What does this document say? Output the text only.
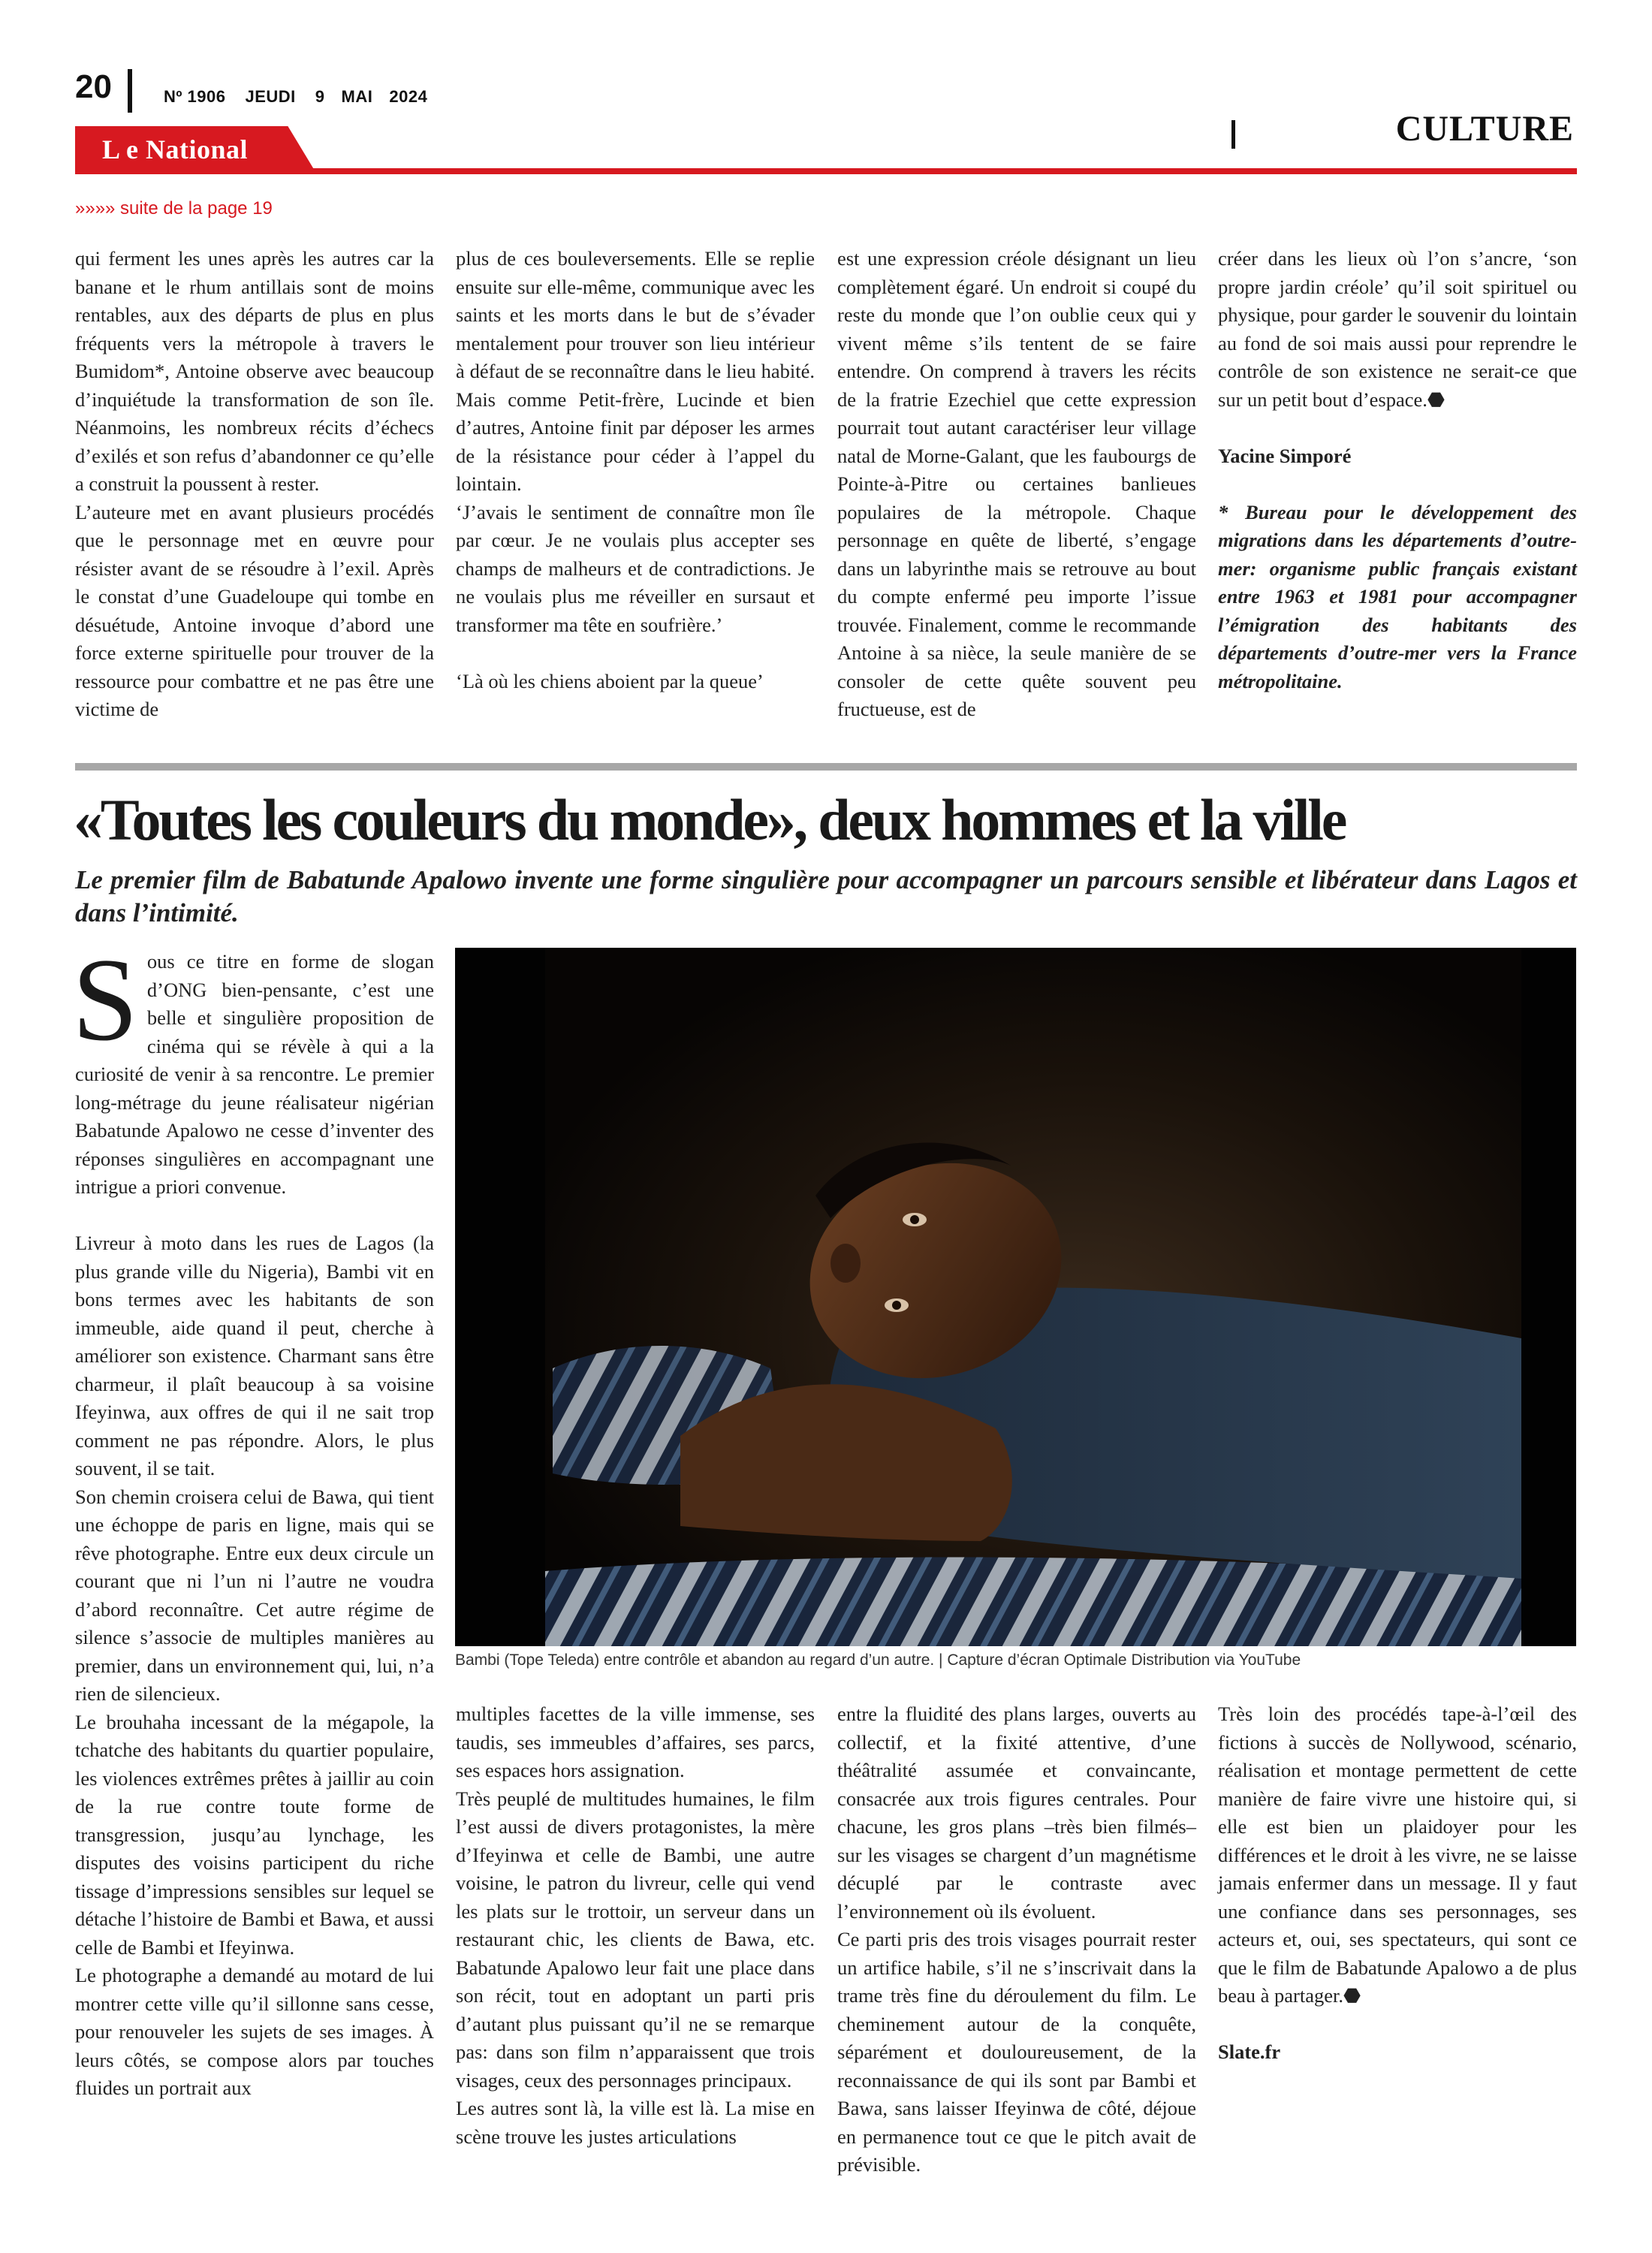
20	Nº 1906 JEUDI 9 MAI 2024
CULTURE
L e National
»»»» suite de la page 19

qui ferment les unes après les autres car la banane et le rhum antillais sont de moins rentables, aux des départs de plus en plus fréquents vers la métropole à travers le Bumidom*, Antoine observe avec beaucoup d’inquiétude la transformation de son île. Néanmoins, les nombreux récits d’échecs d’exilés et son refus d’abandonner ce qu’elle a construit la poussent à rester.

L’auteure met en avant plusieurs procédés que le personnage met en œuvre pour résister avant de se résoudre à l’exil. Après le constat d’une Guadeloupe qui tombe en désuétude, Antoine invoque d’abord une force externe spirituelle pour trouver de la ressource pour combattre et ne pas être une victime de

plus de ces bouleversements. Elle se replie ensuite sur elle-même, communique avec les saints et les morts dans le but de s’évader mentalement pour trouver son lieu intérieur à défaut de se reconnaître dans le lieu habité. Mais comme Petit-frère, Lucinde et bien d’autres, Antoine finit par déposer les armes de la résistance pour céder à l’appel du lointain.

‘J’avais le sentiment de connaître mon île par cœur. Je ne voulais plus accepter ses champs de malheurs et de contradictions. Je ne voulais plus me réveiller en sursaut et transformer ma tête en soufrière.’

‘Là où les chiens aboient par la queue’

est une expression créole désignant un lieu complètement égaré. Un endroit si coupé du reste du monde que l’on oublie ceux qui y vivent même s’ils tentent de se faire entendre. On comprend à travers les récits de la fratrie Ezechiel que cette expression pourrait tout autant caractériser leur village natal de Morne-Galant, que les faubourgs de Pointe-à-Pitre ou certaines banlieues populaires de la métropole. Chaque personnage en quête de liberté, s’engage dans un labyrinthe mais se retrouve au bout du compte enfermé peu importe l’issue trouvée. Finalement, comme le recommande Antoine à sa nièce, la seule manière de se consoler de cette quête souvent peu fructueuse, est de

créer dans les lieux où l’on s’ancre, ‘son propre jardin créole’ qu’il soit spirituel ou physique, pour garder le souvenir du lointain au fond de soi mais aussi pour reprendre le contrôle de son existence ne serait-ce que sur un petit bout d’espace.⬣

Yacine Simporé

* Bureau pour le développement des migrations dans les départements d’outre-mer: organisme public français existant entre 1963 et 1981 pour accompagner l’émigration des habitants des départements d’outre-mer vers la France métropolitaine.

«Toutes les couleurs du monde», deux hommes et la ville
Le premier film de Babatunde Apalowo invente une forme singulière pour accompagner un parcours sensible et libérateur dans Lagos et dans l’intimité.
Bambi (Tope Teleda) entre contrôle et abandon au regard d’un autre. | Capture d’écran Optimale Distribution via YouTube

Sous ce titre en forme de slogan d’ONG bien-pensante, c’est une belle et singulière proposition de cinéma qui se révèle à qui a la curiosité de venir à sa rencontre. Le premier long-métrage du jeune réalisateur nigérian Babatunde Apalowo ne cesse d’inventer des réponses singulières en accompagnant une intrigue a priori convenue.

Livreur à moto dans les rues de Lagos (la plus grande ville du Nigeria), Bambi vit en bons termes avec les habitants de son immeuble, aide quand il peut, cherche à améliorer son existence. Charmant sans être charmeur, il plaît beaucoup à sa voisine Ifeyinwa, aux offres de qui il ne sait trop comment ne pas répondre. Alors, le plus souvent, il se tait.

Son chemin croisera celui de Bawa, qui tient une échoppe de paris en ligne, mais qui se rêve photographe. Entre eux deux circule un courant que ni l’un ni l’autre ne voudra d’abord reconnaître. Cet autre régime de silence s’associe de multiples manières au premier, dans un environnement qui, lui, n’a rien de silencieux.

Le brouhaha incessant de la mégapole, la tchatche des habitants du quartier populaire, les violences extrêmes prêtes à jaillir au coin de la rue contre toute forme de transgression, jusqu’au lynchage, les disputes des voisins participent du riche tissage d’impressions sensibles sur lequel se détache l’histoire de Bambi et Bawa, et aussi celle de Bambi et Ifeyinwa.

Le photographe a demandé au motard de lui montrer cette ville qu’il sillonne sans cesse, pour renouveler les sujets de ses images. À leurs côtés, se compose alors par touches fluides un portrait aux

multiples facettes de la ville immense, ses taudis, ses immeubles d’affaires, ses parcs, ses espaces hors assignation.

Très peuplé de multitudes humaines, le film l’est aussi de divers protagonistes, la mère d’Ifeyinwa et celle de Bambi, une autre voisine, le patron du livreur, celle qui vend les plats sur le trottoir, un serveur dans un restaurant chic, les clients de Bawa, etc. Babatunde Apalowo leur fait une place dans son récit, tout en adoptant un parti pris d’autant plus puissant qu’il ne se remarque pas: dans son film n’apparaissent que trois visages, ceux des personnages principaux.

Les autres sont là, la ville est là. La mise en scène trouve les justes articulations

entre la fluidité des plans larges, ouverts au collectif, et la fixité attentive, d’une théâtralité assumée et convaincante, consacrée aux trois figures centrales. Pour chacune, les gros plans –très bien filmés– sur les visages se chargent d’un magnétisme décuplé par le contraste avec l’environnement où ils évoluent.

Ce parti pris des trois visages pourrait rester un artifice habile, s’il ne s’inscrivait dans la trame très fine du déroulement du film. Le cheminement autour de la conquête, séparément et douloureusement, de la reconnaissance de qui ils sont par Bambi et Bawa, sans laisser Ifeyinwa de côté, déjoue en permanence tout ce que le pitch avait de prévisible.

Très loin des procédés tape-à-l’œil des fictions à succès de Nollywood, scénario, réalisation et montage permettent de cette manière de faire vivre une histoire qui, si elle est bien un plaidoyer pour les différences et le droit à les vivre, ne se laisse jamais enfermer dans un message. Il y faut une confiance dans ses personnages, ses acteurs et, oui, ses spectateurs, qui sont ce que le film de Babatunde Apalowo a de plus beau à partager.⬣

Slate.fr
